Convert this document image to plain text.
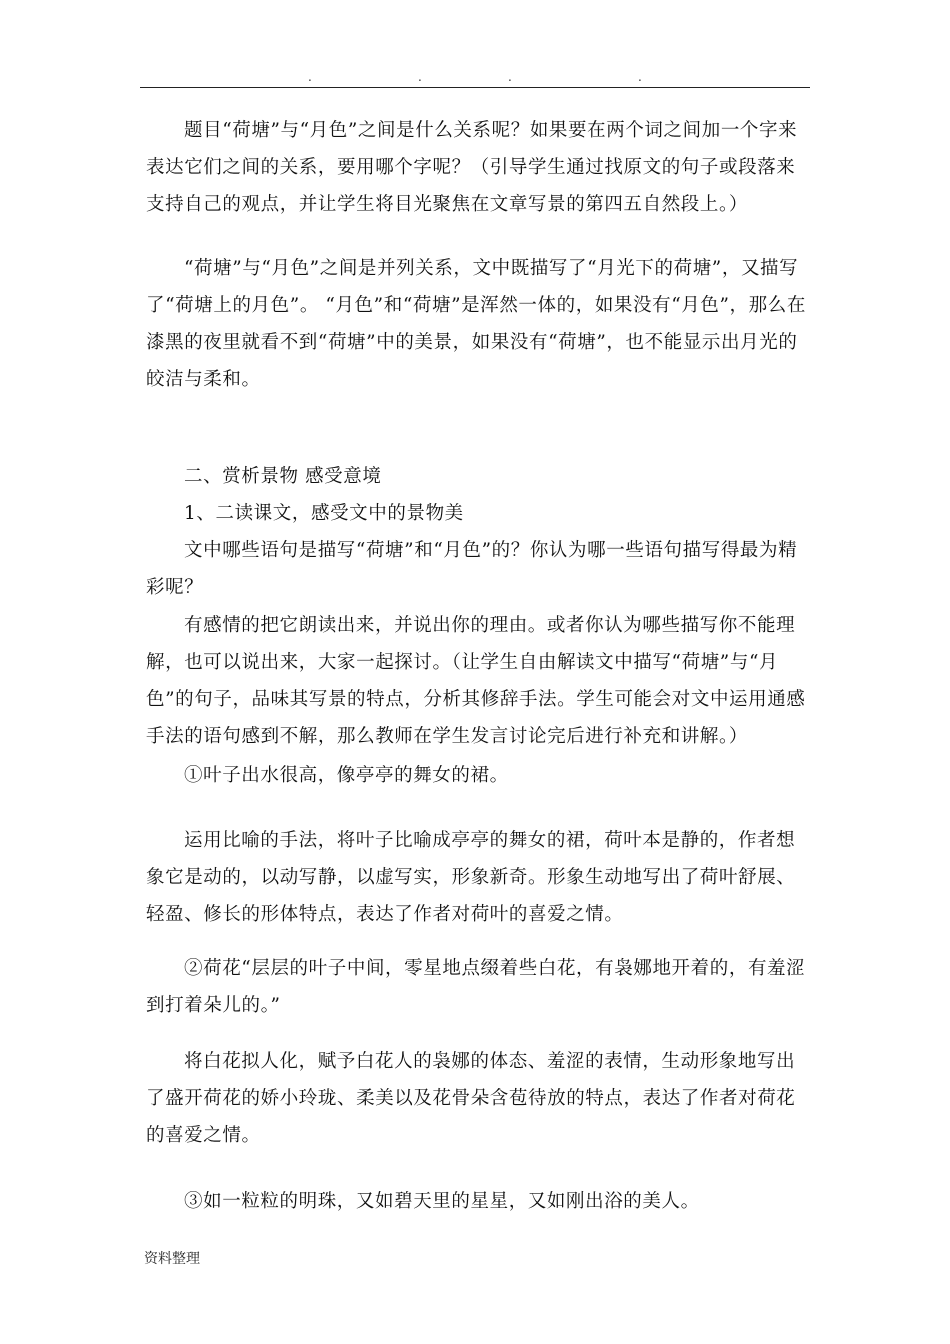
.	.	.	.

题目“荷塘”与“月色”之间是什么关系呢？如果要在两个词之间加一个字来表达它们之间的关系，要用哪个字呢？（引导学生通过找原文的句子或段落来支持自己的观点，并让学生将目光聚焦在文章写景的第四五自然段上。）

“荷塘”与“月色”之间是并列关系，文中既描写了“月光下的荷塘”，又描写了“荷塘上的月色”。 “月色”和“荷塘”是浑然一体的，如果没有“月色”，那么在漆黑的夜里就看不到“荷塘”中的美景，如果没有“荷塘”，也不能显示出月光的皎洁与柔和。

二、赏析景物 感受意境

1、二读课文，感受文中的景物美

文中哪些语句是描写“荷塘”和“月色”的？你认为哪一些语句描写得最为精彩呢？

有感情的把它朗读出来，并说出你的理由。或者你认为哪些描写你不能理解，也可以说出来，大家一起探讨。（让学生自由解读文中描写“荷塘”与“月色”的句子，品味其写景的特点，分析其修辞手法。学生可能会对文中运用通感手法的语句感到不解，那么教师在学生发言讨论完后进行补充和讲解。）

①叶子出水很高，像亭亭的舞女的裙。

运用比喻的手法，将叶子比喻成亭亭的舞女的裙，荷叶本是静的，作者想象它是动的，以动写静，以虚写实，形象新奇。形象生动地写出了荷叶舒展、轻盈、修长的形体特点，表达了作者对荷叶的喜爱之情。

②荷花“层层的叶子中间，零星地点缀着些白花，有袅娜地开着的，有羞涩到打着朵儿的。”

将白花拟人化，赋予白花人的袅娜的体态、羞涩的表情，生动形象地写出了盛开荷花的娇小玲珑、柔美以及花骨朵含苞待放的特点，表达了作者对荷花的喜爱之情。

③如一粒粒的明珠，又如碧天里的星星，又如刚出浴的美人。

资料整理
